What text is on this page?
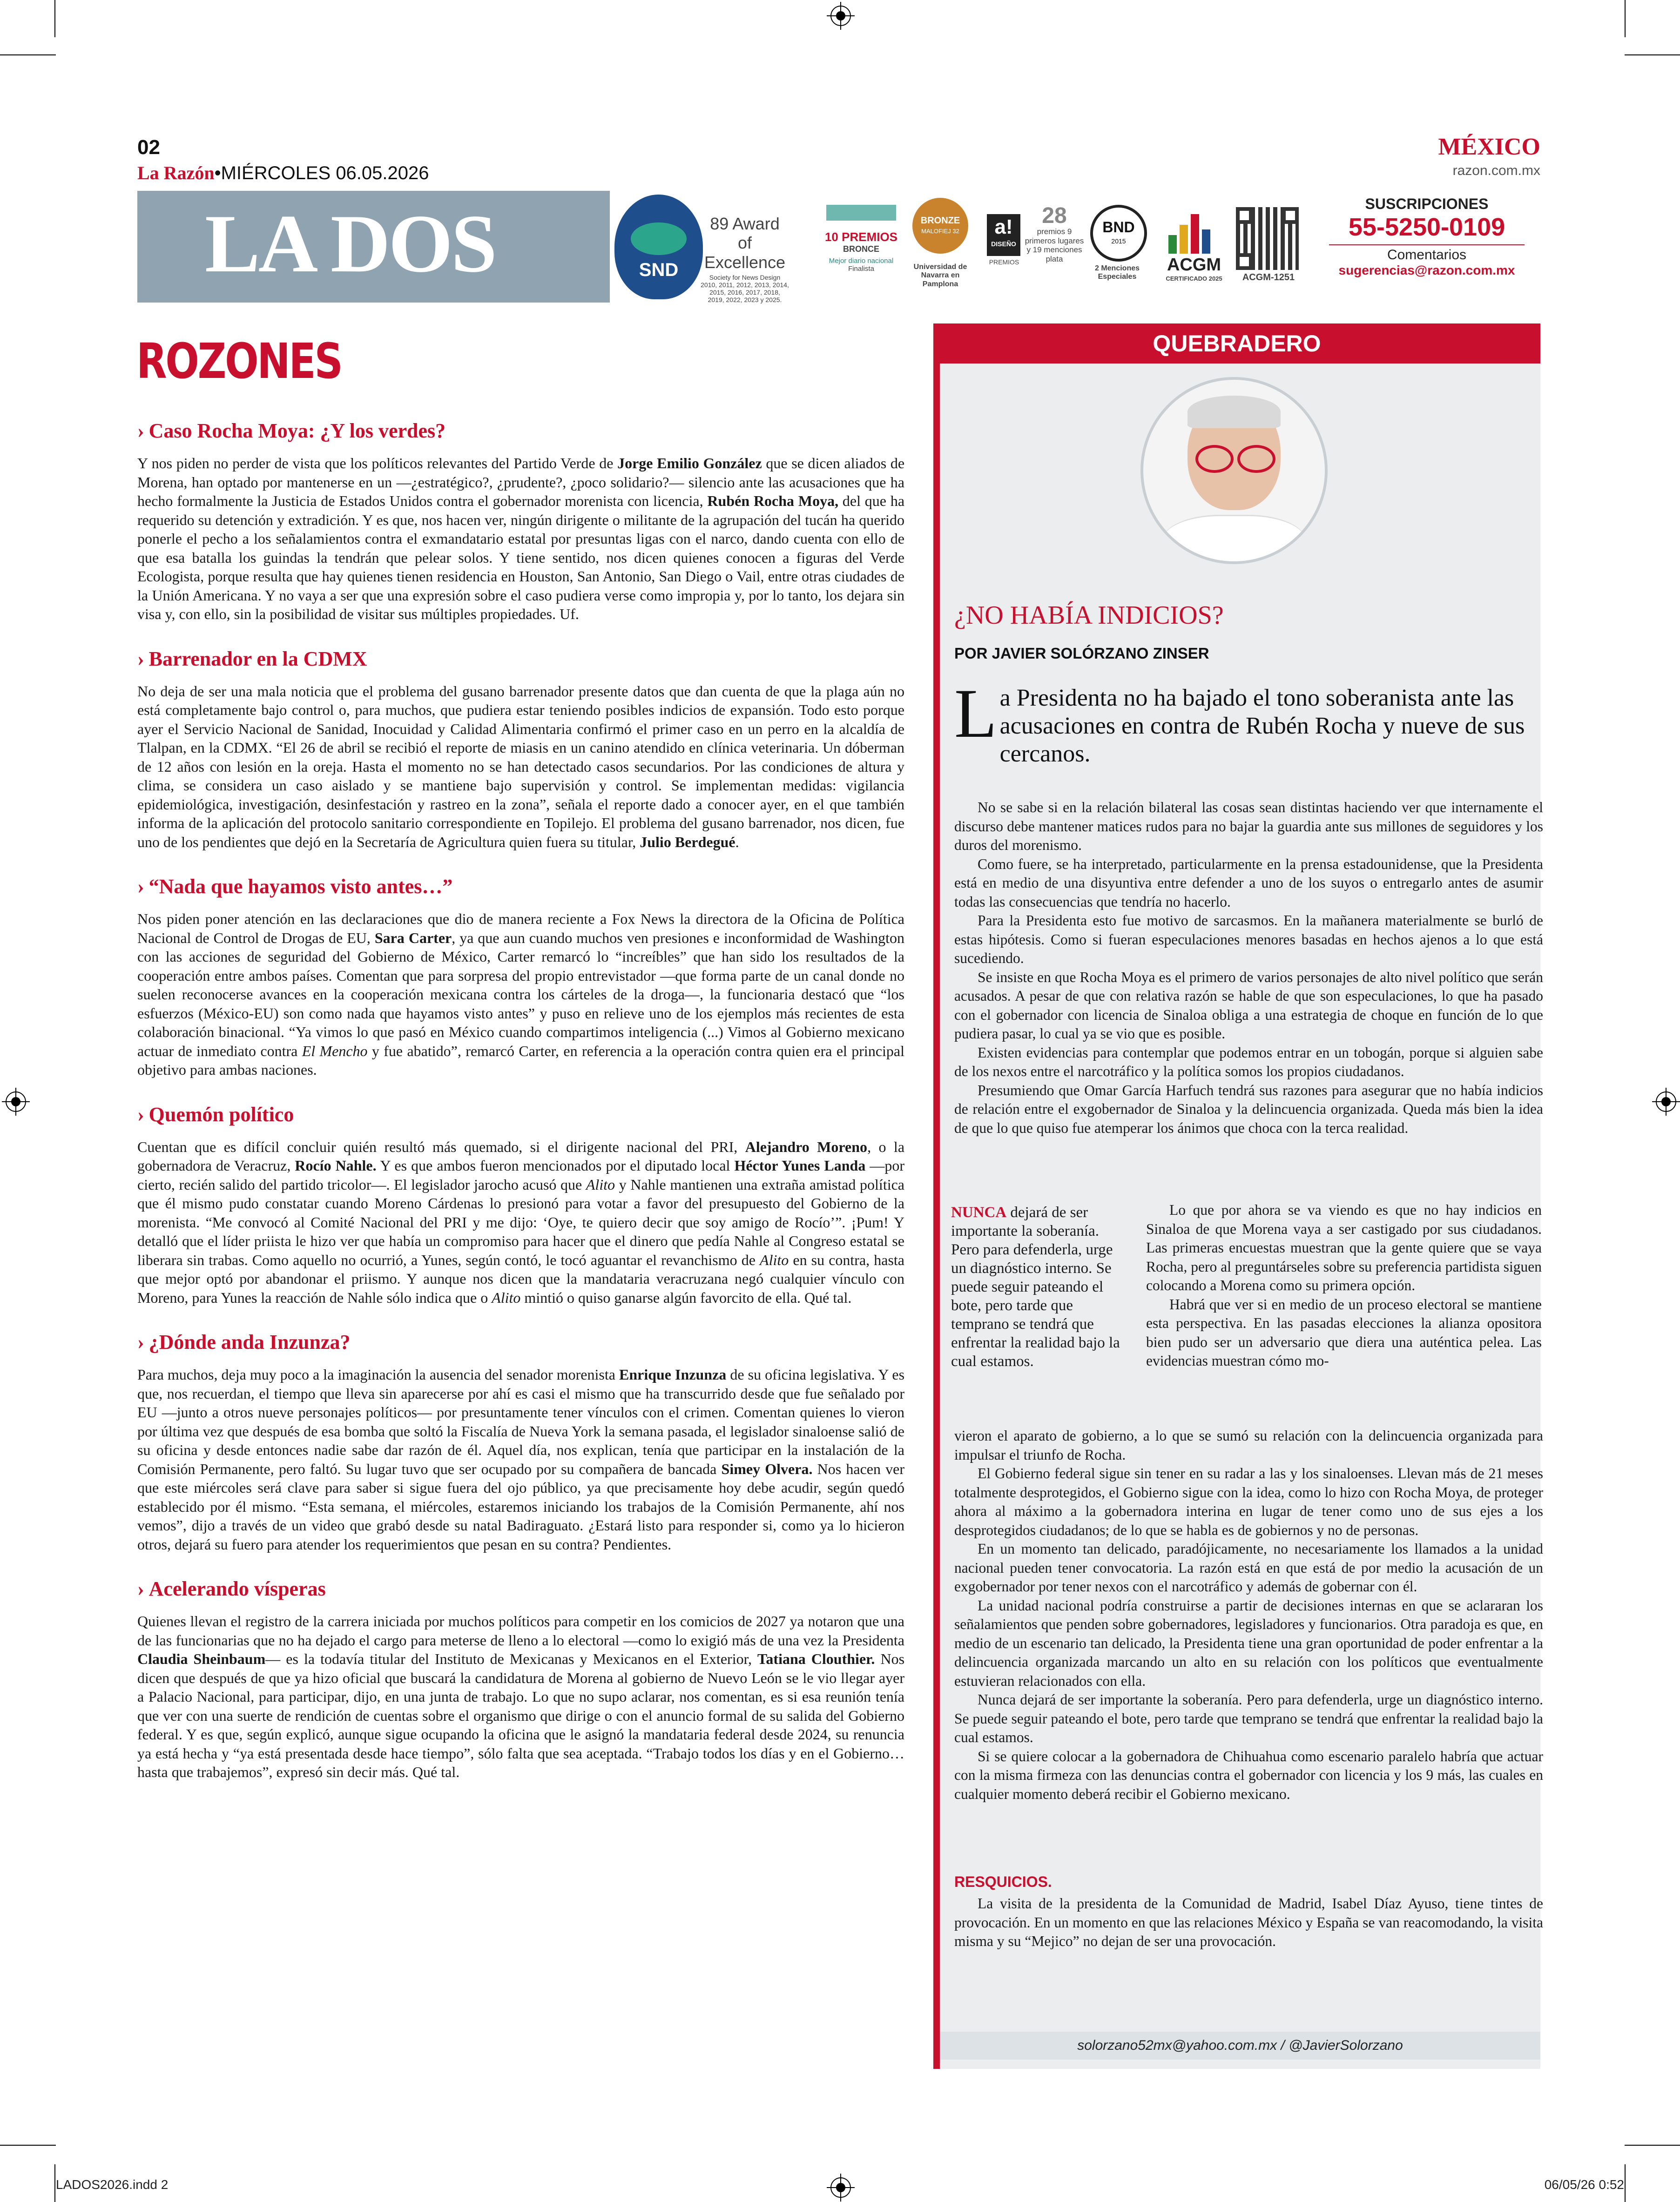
02
La Razón•MIÉRCOLES 06.05.2026
MÉXICO
razon.com.mx
LA DOS	SND
89 Award
of Excellence
Society for News Design 2010, 2011, 2012, 2013, 2014, 2015, 2016, 2017, 2018, 2019, 2022, 2023 y 2025.
10 PREMIOS
BRONCE
Mejor diario nacional
Finalista
BRONZE
MALOFIEJ 32
Universidad de Navarra en Pamplona
a!
DISEÑO
PREMIOS
28
premios 9 primeros lugares y 19 menciones plata
BND
2015
2 Menciones Especiales
ACGM
CERTIFICADO 2025	ACGM-1251
SUSCRIPCIONES
55-5250-0109
Comentarios
sugerencias@razon.com.mx
ROZONES
› Caso Rocha Moya: ¿Y los verdes?
Y nos piden no perder de vista que los políticos relevantes del Partido Verde de Jorge Emilio González que se dicen aliados de Morena, han optado por mantenerse en un —¿estratégico?, ¿prudente?, ¿poco solidario?— silencio ante las acusaciones que ha hecho formalmente la Justicia de Estados Unidos contra el gobernador morenista con licencia, Rubén Rocha Moya, del que ha requerido su detención y extradición. Y es que, nos hacen ver, ningún dirigente o militante de la agrupación del tucán ha querido ponerle el pecho a los señalamientos contra el exmandatario estatal por presuntas ligas con el narco, dando cuenta con ello de que esa batalla los guindas la tendrán que pelear solos. Y tiene sentido, nos dicen quienes conocen a figuras del Verde Ecologista, porque resulta que hay quienes tienen residencia en Houston, San Antonio, San Diego o Vail, entre otras ciudades de la Unión Americana. Y no vaya a ser que una expresión sobre el caso pudiera verse como impropia y, por lo tanto, los dejara sin visa y, con ello, sin la posibilidad de visitar sus múltiples propiedades. Uf.
› Barrenador en la CDMX
No deja de ser una mala noticia que el problema del gusano barrenador presente datos que dan cuenta de que la plaga aún no está completamente bajo control o, para muchos, que pudiera estar teniendo posibles indicios de expansión. Todo esto porque ayer el Servicio Nacional de Sanidad, Inocuidad y Calidad Alimentaria confirmó el primer caso en un perro en la alcaldía de Tlalpan, en la CDMX. “El 26 de abril se recibió el reporte de miasis en un canino atendido en clínica veterinaria. Un dóberman de 12 años con lesión en la oreja. Hasta el momento no se han detectado casos secundarios. Por las condiciones de altura y clima, se considera un caso aislado y se mantiene bajo supervisión y control. Se implementan medidas: vigilancia epidemiológica, investigación, desinfestación y rastreo en la zona”, señala el reporte dado a conocer ayer, en el que también informa de la aplicación del protocolo sanitario correspondiente en Topilejo. El problema del gusano barrenador, nos dicen, fue uno de los pendientes que dejó en la Secretaría de Agricultura quien fuera su titular, Julio Berdegué.
› “Nada que hayamos visto antes…”
Nos piden poner atención en las declaraciones que dio de manera reciente a Fox News la directora de la Oficina de Política Nacional de Control de Drogas de EU, Sara Carter, ya que aun cuando muchos ven presiones e inconformidad de Washington con las acciones de seguridad del Gobierno de México, Carter remarcó lo “increíbles” que han sido los resultados de la cooperación entre ambos países. Comentan que para sorpresa del propio entrevistador —que forma parte de un canal donde no suelen reconocerse avances en la cooperación mexicana contra los cárteles de la droga—, la funcionaria destacó que “los esfuerzos (México-EU) son como nada que hayamos visto antes” y puso en relieve uno de los ejemplos más recientes de esta colaboración binacional. “Ya vimos lo que pasó en México cuando compartimos inteligencia (...) Vimos al Gobierno mexicano actuar de inmediato contra El Mencho y fue abatido”, remarcó Carter, en referencia a la operación contra quien era el principal objetivo para ambas naciones.
› Quemón político
Cuentan que es difícil concluir quién resultó más quemado, si el dirigente nacional del PRI, Alejandro Moreno, o la gobernadora de Veracruz, Rocío Nahle. Y es que ambos fueron mencionados por el diputado local Héctor Yunes Landa —por cierto, recién salido del partido tricolor—. El legislador jarocho acusó que Alito y Nahle mantienen una extraña amistad política que él mismo pudo constatar cuando Moreno Cárdenas lo presionó para votar a favor del presupuesto del Gobierno de la morenista. “Me convocó al Comité Nacional del PRI y me dijo: ‘Oye, te quiero decir que soy amigo de Rocío’”. ¡Pum! Y detalló que el líder priista le hizo ver que había un compromiso para hacer que el dinero que pedía Nahle al Congreso estatal se liberara sin trabas. Como aquello no ocurrió, a Yunes, según contó, le tocó aguantar el revanchismo de Alito en su contra, hasta que mejor optó por abandonar el priismo. Y aunque nos dicen que la mandataria veracruzana negó cualquier vínculo con Moreno, para Yunes la reacción de Nahle sólo indica que o Alito mintió o quiso ganarse algún favorcito de ella. Qué tal.
› ¿Dónde anda Inzunza?
Para muchos, deja muy poco a la imaginación la ausencia del senador morenista Enrique Inzunza de su oficina legislativa. Y es que, nos recuerdan, el tiempo que lleva sin aparecerse por ahí es casi el mismo que ha transcurrido desde que fue señalado por EU —junto a otros nueve personajes políticos— por presuntamente tener vínculos con el crimen. Comentan quienes lo vieron por última vez que después de esa bomba que soltó la Fiscalía de Nueva York la semana pasada, el legislador sinaloense salió de su oficina y desde entonces nadie sabe dar razón de él. Aquel día, nos explican, tenía que participar en la instalación de la Comisión Permanente, pero faltó. Su lugar tuvo que ser ocupado por su compañera de bancada Simey Olvera. Nos hacen ver que este miércoles será clave para saber si sigue fuera del ojo público, ya que precisamente hoy debe acudir, según quedó establecido por él mismo. “Esta semana, el miércoles, estaremos iniciando los trabajos de la Comisión Permanente, ahí nos vemos”, dijo a través de un video que grabó desde su natal Badiraguato. ¿Estará listo para responder si, como ya lo hicieron otros, dejará su fuero para atender los requerimientos que pesan en su contra? Pendientes.
› Acelerando vísperas
Quienes llevan el registro de la carrera iniciada por muchos políticos para competir en los comicios de 2027 ya notaron que una de las funcionarias que no ha dejado el cargo para meterse de lleno a lo electoral —como lo exigió más de una vez la Presidenta Claudia Sheinbaum— es la todavía titular del Instituto de Mexicanas y Mexicanos en el Exterior, Tatiana Clouthier. Nos dicen que después de que ya hizo oficial que buscará la candidatura de Morena al gobierno de Nuevo León se le vio llegar ayer a Palacio Nacional, para participar, dijo, en una junta de trabajo. Lo que no supo aclarar, nos comentan, es si esa reunión tenía que ver con una suerte de rendición de cuentas sobre el organismo que dirige o con el anuncio formal de su salida del Gobierno federal. Y es que, según explicó, aunque sigue ocupando la oficina que le asignó la mandataria federal desde 2024, su renuncia ya está hecha y “ya está presentada desde hace tiempo”, sólo falta que sea aceptada. “Trabajo todos los días y en el Gobierno… hasta que trabajemos”, expresó sin decir más. Qué tal.
QUEBRADERO
¿NO HABÍA INDICIOS?
POR JAVIER SOLÓRZANO ZINSER
La Presidenta no ha bajado el tono soberanista ante las acusaciones en contra de Rubén Rocha y nueve de sus cercanos.

No se sabe si en la relación bilateral las cosas sean distintas haciendo ver que internamente el discurso debe mantener matices rudos para no bajar la guardia ante sus millones de seguidores y los duros del morenismo.

Como fuere, se ha interpretado, particularmente en la prensa estadounidense, que la Presidenta está en medio de una disyuntiva entre defender a uno de los suyos o entregarlo antes de asumir todas las consecuencias que tendría no hacerlo.

Para la Presidenta esto fue motivo de sarcasmos. En la mañanera materialmente se burló de estas hipótesis. Como si fueran especulaciones menores basadas en hechos ajenos a lo que está sucediendo.

Se insiste en que Rocha Moya es el primero de varios personajes de alto nivel político que serán acusados. A pesar de que con relativa razón se hable de que son especulaciones, lo que ha pasado con el gobernador con licencia de Sinaloa obliga a una estrategia de choque en función de lo que pudiera pasar, lo cual ya se vio que es posible.

Existen evidencias para contemplar que podemos entrar en un tobogán, porque si alguien sabe de los nexos entre el narcotráfico y la política somos los propios ciudadanos.

Presumiendo que Omar García Harfuch tendrá sus razones para asegurar que no había indicios de relación entre el exgobernador de Sinaloa y la delincuencia organizada. Queda más bien la idea de que lo que quiso fue atemperar los ánimos que choca con la terca realidad.

NUNCA dejará de ser importante la soberanía. Pero para defenderla, urge un diagnóstico interno. Se puede seguir pateando el bote, pero tarde que temprano se tendrá que enfrentar la realidad bajo la cual estamos.

Lo que por ahora se va viendo es que no hay indicios en Sinaloa de que Morena vaya a ser castigado por sus ciudadanos. Las primeras encuestas muestran que la gente quiere que se vaya Rocha, pero al preguntárseles sobre su preferencia partidista siguen colocando a Morena como su primera opción.

Habrá que ver si en medio de un proceso electoral se mantiene esta perspectiva. En las pasadas elecciones la alianza opositora bien pudo ser un adversario que diera una auténtica pelea. Las evidencias muestran cómo mo-

vieron el aparato de gobierno, a lo que se sumó su relación con la delincuencia organizada para impulsar el triunfo de Rocha.

El Gobierno federal sigue sin tener en su radar a las y los sinaloenses. Llevan más de 21 meses totalmente desprotegidos, el Gobierno sigue con la idea, como lo hizo con Rocha Moya, de proteger ahora al máximo a la gobernadora interina en lugar de tener como uno de sus ejes a los desprotegidos ciudadanos; de lo que se habla es de gobiernos y no de personas.

En un momento tan delicado, paradójicamente, no necesariamente los llamados a la unidad nacional pueden tener convocatoria. La razón está en que está de por medio la acusación de un exgobernador por tener nexos con el narcotráfico y además de gobernar con él.

La unidad nacional podría construirse a partir de decisiones internas en que se aclararan los señalamientos que penden sobre gobernadores, legisladores y funcionarios. Otra paradoja es que, en medio de un escenario tan delicado, la Presidenta tiene una gran oportunidad de poder enfrentar a la delincuencia organizada marcando un alto en su relación con los políticos que eventualmente estuvieran relacionados con ella.

Nunca dejará de ser importante la soberanía. Pero para defenderla, urge un diagnóstico interno. Se puede seguir pateando el bote, pero tarde que temprano se tendrá que enfrentar la realidad bajo la cual estamos.

Si se quiere colocar a la gobernadora de Chihuahua como escenario paralelo habría que actuar con la misma firmeza con las denuncias contra el gobernador con licencia y los 9 más, las cuales en cualquier momento deberá recibir el Gobierno mexicano.

RESQUICIOS.

La visita de la presidenta de la Comunidad de Madrid, Isabel Díaz Ayuso, tiene tintes de provocación. En un momento en que las relaciones México y España se van reacomodando, la visita misma y su “Mejico” no dejan de ser una provocación.

solorzano52mx@yahoo.com.mx / @JavierSolorzano
LADOS2026.indd 2	06/05/26 0:52
